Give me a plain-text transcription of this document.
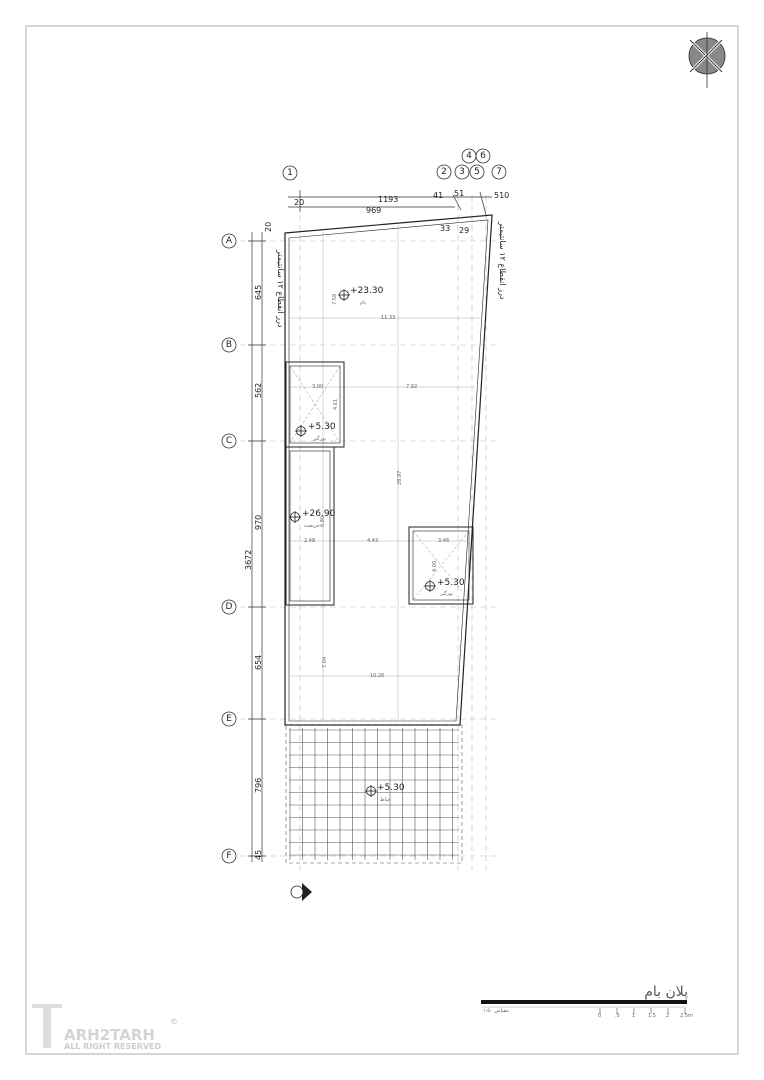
1	2 3
4
5
6
7
A
B
C
D
E
F
1193
969
20
41 51	510
33 29
3672
20
645
562
970
654
796
45
درز انقطاع ۱۲ سانتیمتر
درز انقطاع ۱۲ سانتیمتر
7.58
11.33
3.00	7.92
4.61
28.97
2.48
6.80
4.43	3.46
4.00
7.04
10.26
+23.30
بام
+5.30
نورگیر
+26.90
خرپشته
+5.30
نورگیر
+5.30
حیاط
پلان بام
مقیاس ۱:۵۰
0	.5 1	1.5 2 2.5m
ARH2TARH
©
ALL RIGHT RESERVED
